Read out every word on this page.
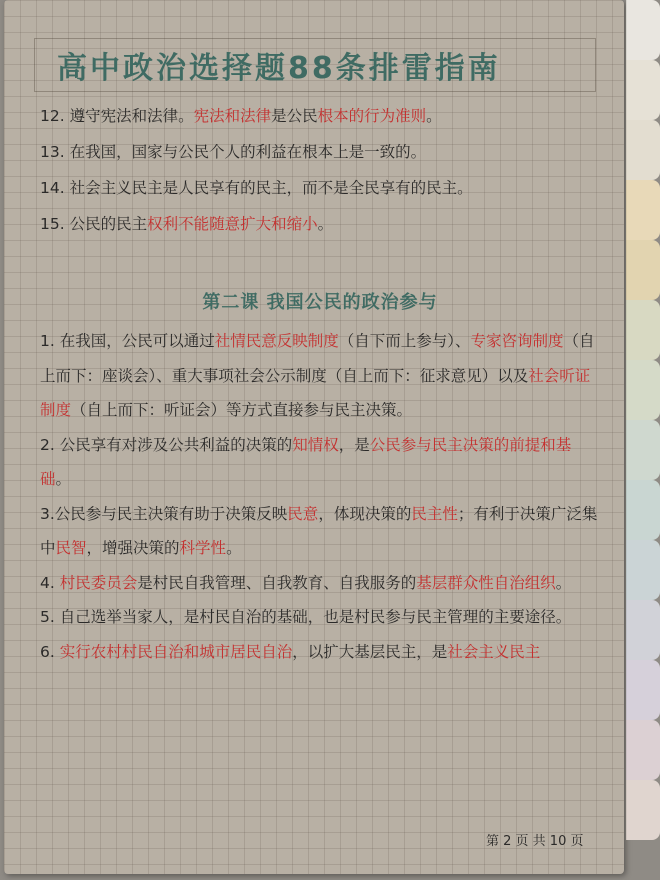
高中政治选择题88条排雷指南

12. 遵守宪法和法律。宪法和法律是公民根本的行为准则。

13. 在我国，国家与公民个人的利益在根本上是一致的。

14. 社会主义民主是人民享有的民主，而不是全民享有的民主。

15. 公民的民主权利不能随意扩大和缩小。

第二课 我国公民的政治参与

1. 在我国，公民可以通过社情民意反映制度（自下而上参与）、专家咨询制度（自上而下：座谈会）、重大事项社会公示制度（自上而下：征求意见）以及社会听证制度（自上而下：听证会）等方式直接参与民主决策。

2. 公民享有对涉及公共利益的决策的知情权，是公民参与民主决策的前提和基础。

3.公民参与民主决策有助于决策反映民意，体现决策的民主性；有利于决策广泛集中民智，增强决策的科学性。

4. 村民委员会是村民自我管理、自我教育、自我服务的基层群众性自治组织。

5. 自己选举当家人，是村民自治的基础，也是村民参与民主管理的主要途径。

6. 实行农村村民自治和城市居民自治，以扩大基层民主，是社会主义民主

第 2 页 共 10 页
